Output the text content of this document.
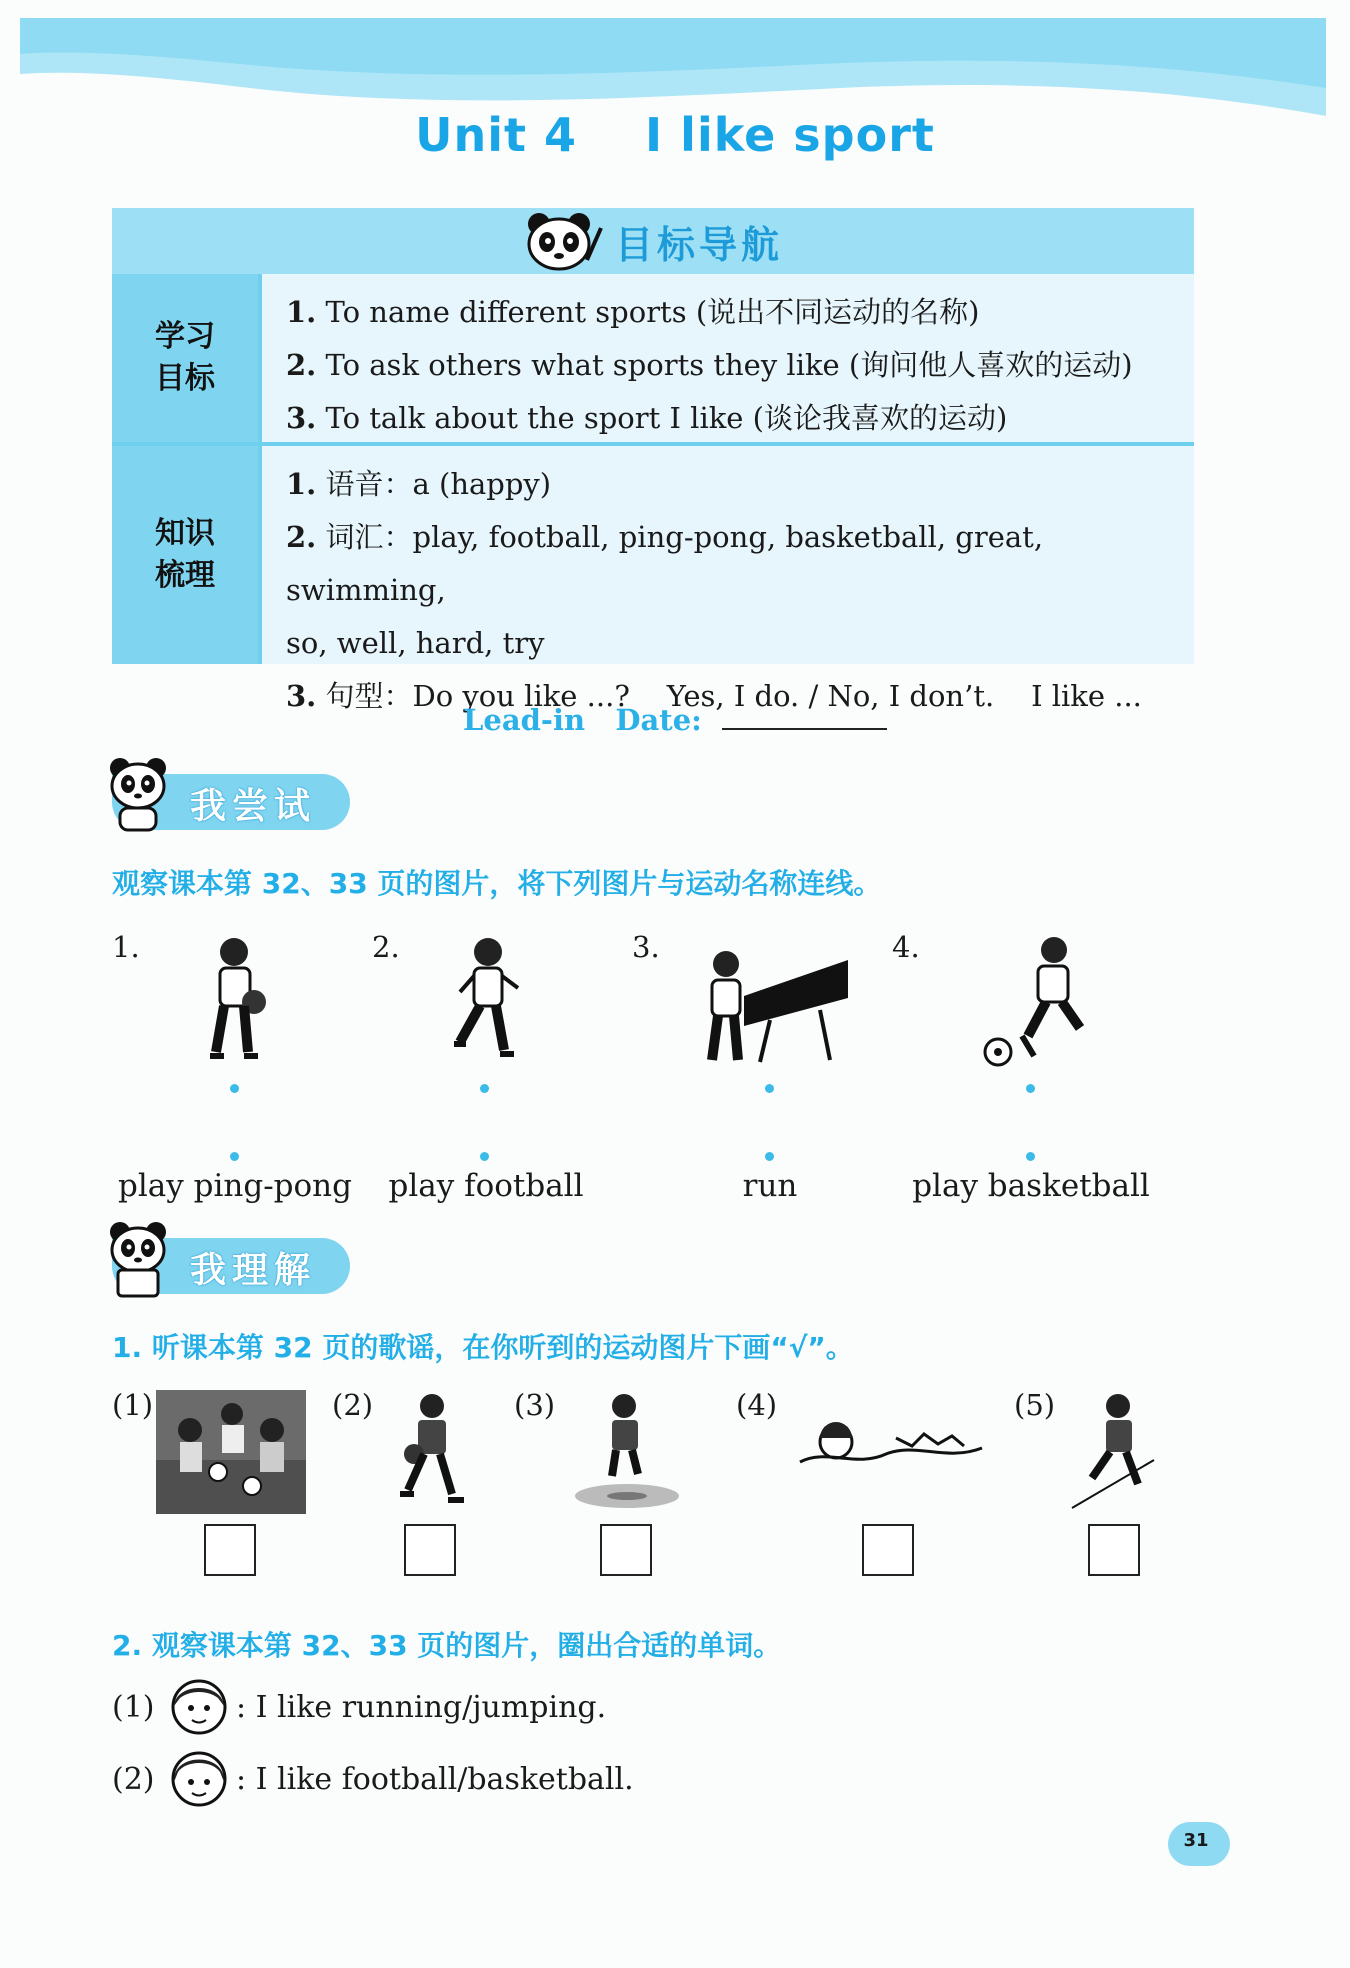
Unit 4    I like sport
目标导航
学习目标
1. To name different sports (说出不同运动的名称)
2. To ask others what sports they like (询问他人喜欢的运动)
3. To talk about the sport I like (谈论我喜欢的运动)
知识梳理
1. 语音：a (happy)
2. 词汇：play, football, ping-pong, basketball, great, swimming,
so, well, hard, try
3. 句型：Do you like ...?    Yes, I do. / No, I don’t.    I like ...
Lead-in Date:
我尝试
观察课本第 32、33 页的图片，将下列图片与运动名称连线。
1.	2.	3.	4.
play ping-pong	play football	run	play basketball
我理解
1. 听课本第 32 页的歌谣，在你听到的运动图片下画“√”。
(1)	(2)	(3)	(4)	(5)
2. 观察课本第 32、33 页的图片，圈出合适的单词。
(1)	: I like running/jumping.
(2)	: I like football/basketball.
31
